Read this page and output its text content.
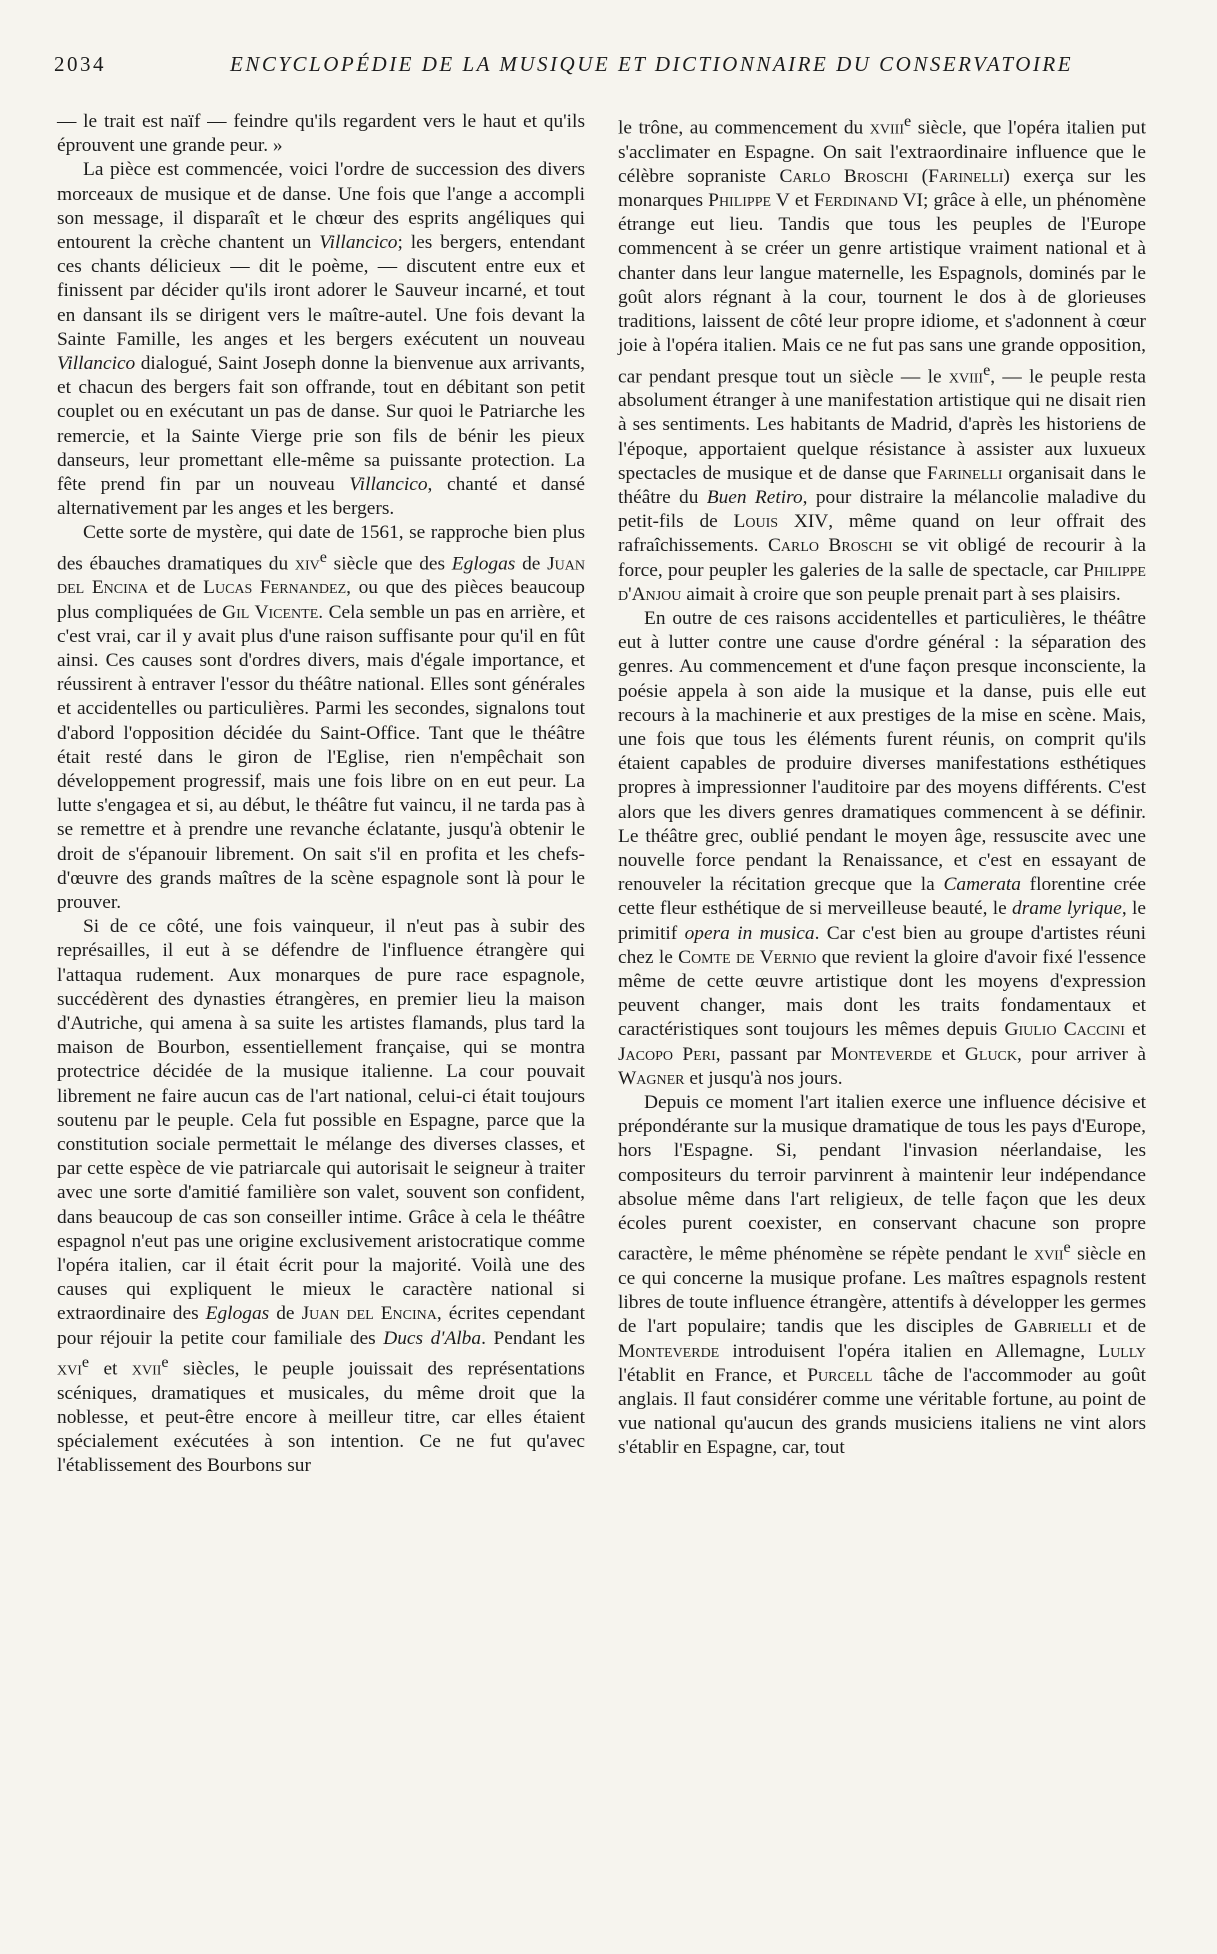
2034	ENCYCLOPÉDIE DE LA MUSIQUE ET DICTIONNAIRE DU CONSERVATOIRE

— le trait est naïf — feindre qu'ils regardent vers le haut et qu'ils éprouvent une grande peur. »

La pièce est commencée, voici l'ordre de succession des divers morceaux de musique et de danse. Une fois que l'ange a accompli son message, il disparaît et le chœur des esprits angéliques qui entourent la crèche chantent un Villancico; les bergers, entendant ces chants délicieux — dit le poème, — discutent entre eux et finissent par décider qu'ils iront adorer le Sauveur incarné, et tout en dansant ils se dirigent vers le maître-autel. Une fois devant la Sainte Famille, les anges et les bergers exécutent un nouveau Villancico dialogué, Saint Joseph donne la bienvenue aux arrivants, et chacun des bergers fait son offrande, tout en débitant son petit couplet ou en exécutant un pas de danse. Sur quoi le Patriarche les remercie, et la Sainte Vierge prie son fils de bénir les pieux danseurs, leur promettant elle-même sa puissante protection. La fête prend fin par un nouveau Villancico, chanté et dansé alternativement par les anges et les bergers.

Cette sorte de mystère, qui date de 1561, se rapproche bien plus des ébauches dramatiques du xiv$^e$ siècle que des Eglogas de Juan del Encina et de Lucas Fernandez, ou que des pièces beaucoup plus compliquées de Gil Vicente. Cela semble un pas en arrière, et c'est vrai, car il y avait plus d'une raison suffisante pour qu'il en fût ainsi. Ces causes sont d'ordres divers, mais d'égale importance, et réussirent à entraver l'essor du théâtre national. Elles sont générales et accidentelles ou particulières. Parmi les secondes, signalons tout d'abord l'opposition décidée du Saint-Office. Tant que le théâtre était resté dans le giron de l'Eglise, rien n'empêchait son développement progressif, mais une fois libre on en eut peur. La lutte s'engagea et si, au début, le théâtre fut vaincu, il ne tarda pas à se remettre et à prendre une revanche éclatante, jusqu'à obtenir le droit de s'épanouir librement. On sait s'il en profita et les chefs-d'œuvre des grands maîtres de la scène espagnole sont là pour le prouver.

Si de ce côté, une fois vainqueur, il n'eut pas à subir des représailles, il eut à se défendre de l'influence étrangère qui l'attaqua rudement. Aux monarques de pure race espagnole, succédèrent des dynasties étrangères, en premier lieu la maison d'Autriche, qui amena à sa suite les artistes flamands, plus tard la maison de Bourbon, essentiellement française, qui se montra protectrice décidée de la musique italienne. La cour pouvait librement ne faire aucun cas de l'art national, celui-ci était toujours soutenu par le peuple. Cela fut possible en Espagne, parce que la constitution sociale permettait le mélange des diverses classes, et par cette espèce de vie patriarcale qui autorisait le seigneur à traiter avec une sorte d'amitié familière son valet, souvent son confident, dans beaucoup de cas son conseiller intime. Grâce à cela le théâtre espagnol n'eut pas une origine exclusivement aristocratique comme l'opéra italien, car il était écrit pour la majorité. Voilà une des causes qui expliquent le mieux le caractère national si extraordinaire des Eglogas de Juan del Encina, écrites cependant pour réjouir la petite cour familiale des Ducs d'Alba. Pendant les xvi$^e$ et xvii$^e$ siècles, le peuple jouissait des représentations scéniques, dramatiques et musicales, du même droit que la noblesse, et peut-être encore à meilleur titre, car elles étaient spécialement exécutées à son intention. Ce ne fut qu'avec l'établissement des Bourbons sur

le trône, au commencement du xviii$^e$ siècle, que l'opéra italien put s'acclimater en Espagne. On sait l'extraordinaire influence que le célèbre sopraniste Carlo Broschi (Farinelli) exerça sur les monarques Philippe V et Ferdinand VI; grâce à elle, un phénomène étrange eut lieu. Tandis que tous les peuples de l'Europe commencent à se créer un genre artistique vraiment national et à chanter dans leur langue maternelle, les Espagnols, dominés par le goût alors régnant à la cour, tournent le dos à de glorieuses traditions, laissent de côté leur propre idiome, et s'adonnent à cœur joie à l'opéra italien. Mais ce ne fut pas sans une grande opposition, car pendant presque tout un siècle — le xviii$^e$, — le peuple resta absolument étranger à une manifestation artistique qui ne disait rien à ses sentiments. Les habitants de Madrid, d'après les historiens de l'époque, apportaient quelque résistance à assister aux luxueux spectacles de musique et de danse que Farinelli organisait dans le théâtre du Buen Retiro, pour distraire la mélancolie maladive du petit-fils de Louis XIV, même quand on leur offrait des rafraîchissements. Carlo Broschi se vit obligé de recourir à la force, pour peupler les galeries de la salle de spectacle, car Philippe d'Anjou aimait à croire que son peuple prenait part à ses plaisirs.

En outre de ces raisons accidentelles et particulières, le théâtre eut à lutter contre une cause d'ordre général : la séparation des genres. Au commencement et d'une façon presque inconsciente, la poésie appela à son aide la musique et la danse, puis elle eut recours à la machinerie et aux prestiges de la mise en scène. Mais, une fois que tous les éléments furent réunis, on comprit qu'ils étaient capables de produire diverses manifestations esthétiques propres à impressionner l'auditoire par des moyens différents. C'est alors que les divers genres dramatiques commencent à se définir. Le théâtre grec, oublié pendant le moyen âge, ressuscite avec une nouvelle force pendant la Renaissance, et c'est en essayant de renouveler la récitation grecque que la Camerata florentine crée cette fleur esthétique de si merveilleuse beauté, le drame lyrique, le primitif opera in musica. Car c'est bien au groupe d'artistes réuni chez le Comte de Vernio que revient la gloire d'avoir fixé l'essence même de cette œuvre artistique dont les moyens d'expression peuvent changer, mais dont les traits fondamentaux et caractéristiques sont toujours les mêmes depuis Giulio Caccini et Jacopo Peri, passant par Monteverde et Gluck, pour arriver à Wagner et jusqu'à nos jours.

Depuis ce moment l'art italien exerce une influence décisive et prépondérante sur la musique dramatique de tous les pays d'Europe, hors l'Espagne. Si, pendant l'invasion néerlandaise, les compositeurs du terroir parvinrent à maintenir leur indépendance absolue même dans l'art religieux, de telle façon que les deux écoles purent coexister, en conservant chacune son propre caractère, le même phénomène se répète pendant le xvii$^e$ siècle en ce qui concerne la musique profane. Les maîtres espagnols restent libres de toute influence étrangère, attentifs à développer les germes de l'art populaire; tandis que les disciples de Gabrielli et de Monteverde introduisent l'opéra italien en Allemagne, Lully l'établit en France, et Purcell tâche de l'accommoder au goût anglais. Il faut considérer comme une véritable fortune, au point de vue national qu'aucun des grands musiciens italiens ne vint alors s'établir en Espagne, car, tout
